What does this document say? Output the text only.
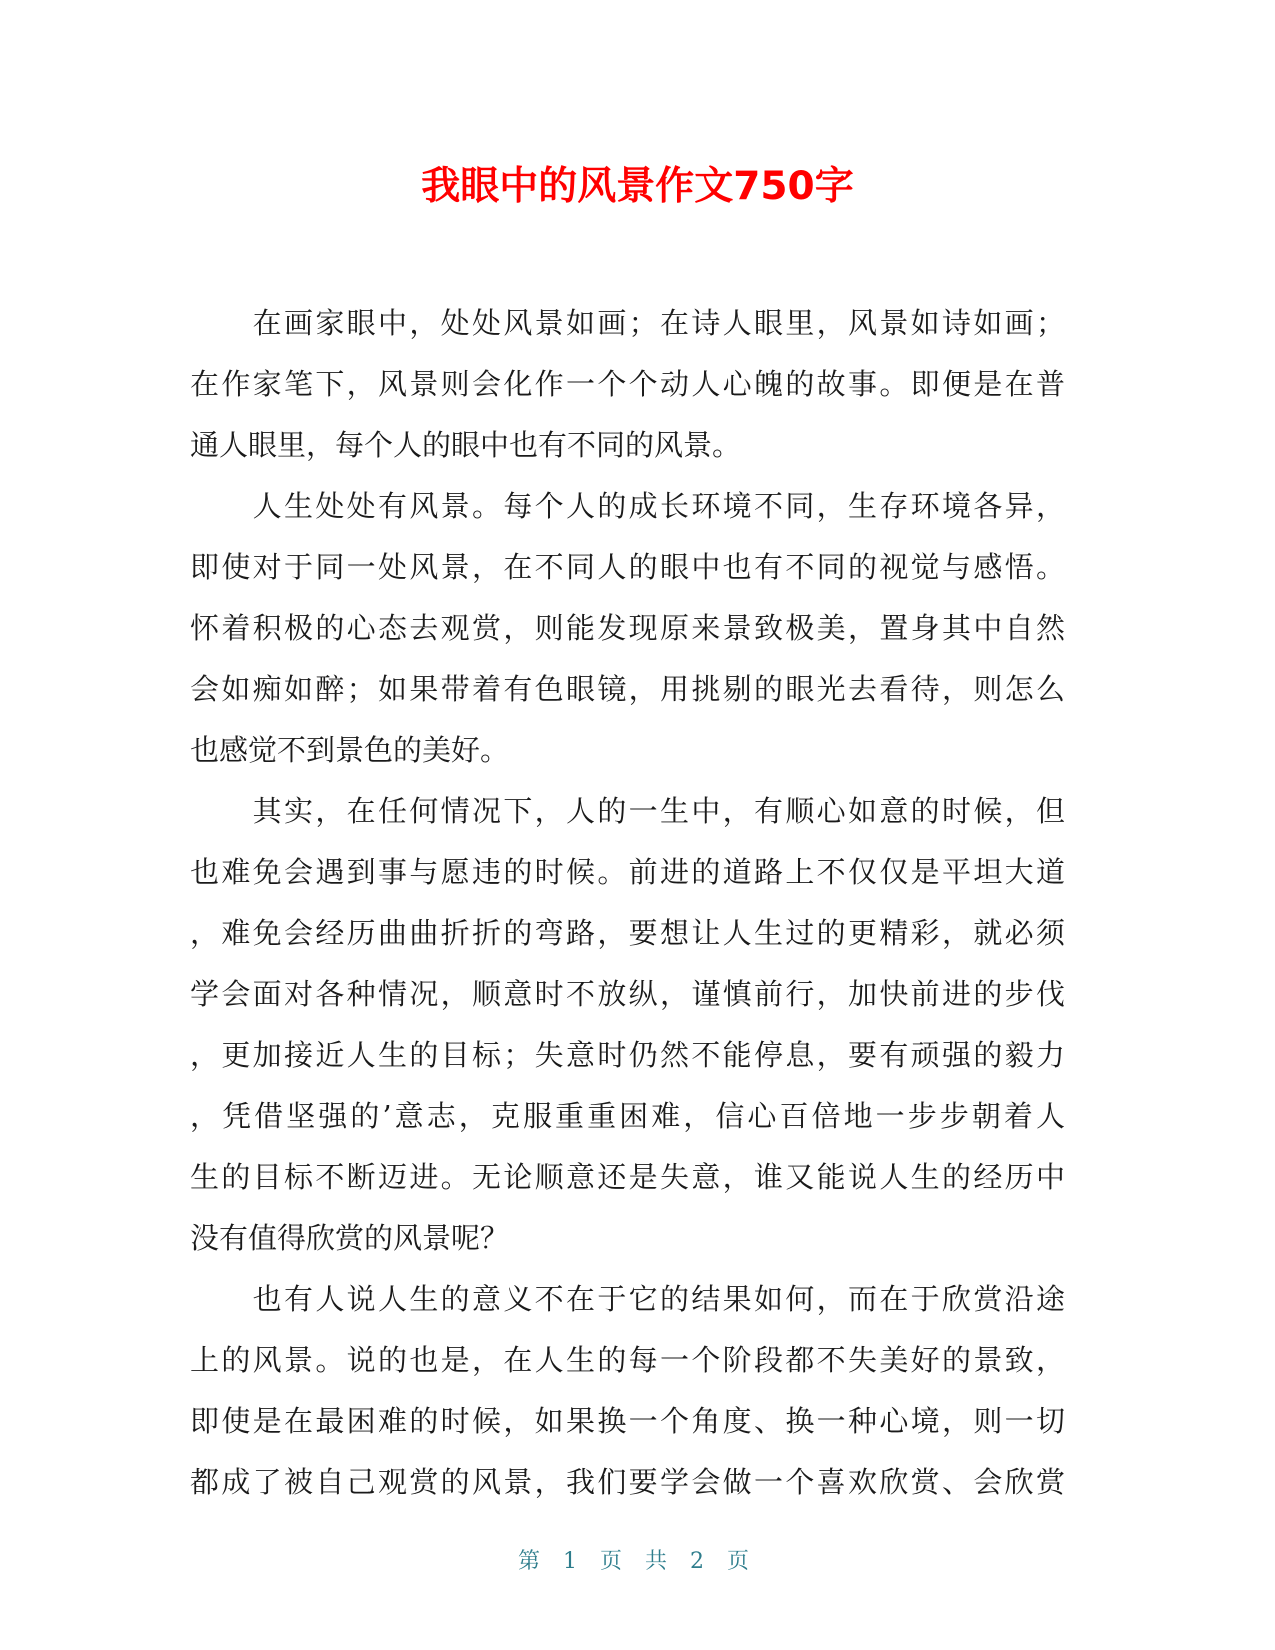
我眼中的风景作文750字
　　在画家眼中，处处风景如画；在诗人眼里，风景如诗如画；
在作家笔下，风景则会化作一个个动人心魄的故事。即便是在普
通人眼里，每个人的眼中也有不同的风景。
　　人生处处有风景。每个人的成长环境不同，生存环境各异，
即使对于同一处风景，在不同人的眼中也有不同的视觉与感悟。
怀着积极的心态去观赏，则能发现原来景致极美，置身其中自然
会如痴如醉；如果带着有色眼镜，用挑剔的眼光去看待，则怎么
也感觉不到景色的美好。
　　其实，在任何情况下，人的一生中，有顺心如意的时候，但
也难免会遇到事与愿违的时候。前进的道路上不仅仅是平坦大道
，难免会经历曲曲折折的弯路，要想让人生过的更精彩，就必须
学会面对各种情况，顺意时不放纵，谨慎前行，加快前进的步伐
，更加接近人生的目标；失意时仍然不能停息，要有顽强的毅力
，凭借坚强的’意志，克服重重困难，信心百倍地一步步朝着人
生的目标不断迈进。无论顺意还是失意，谁又能说人生的经历中
没有值得欣赏的风景呢？
　　也有人说人生的意义不在于它的结果如何，而在于欣赏沿途
上的风景。说的也是，在人生的每一个阶段都不失美好的景致，
即使是在最困难的时候，如果换一个角度、换一种心境，则一切
都成了被自己观赏的风景，我们要学会做一个喜欢欣赏、会欣赏
第 1 页 共 2 页
